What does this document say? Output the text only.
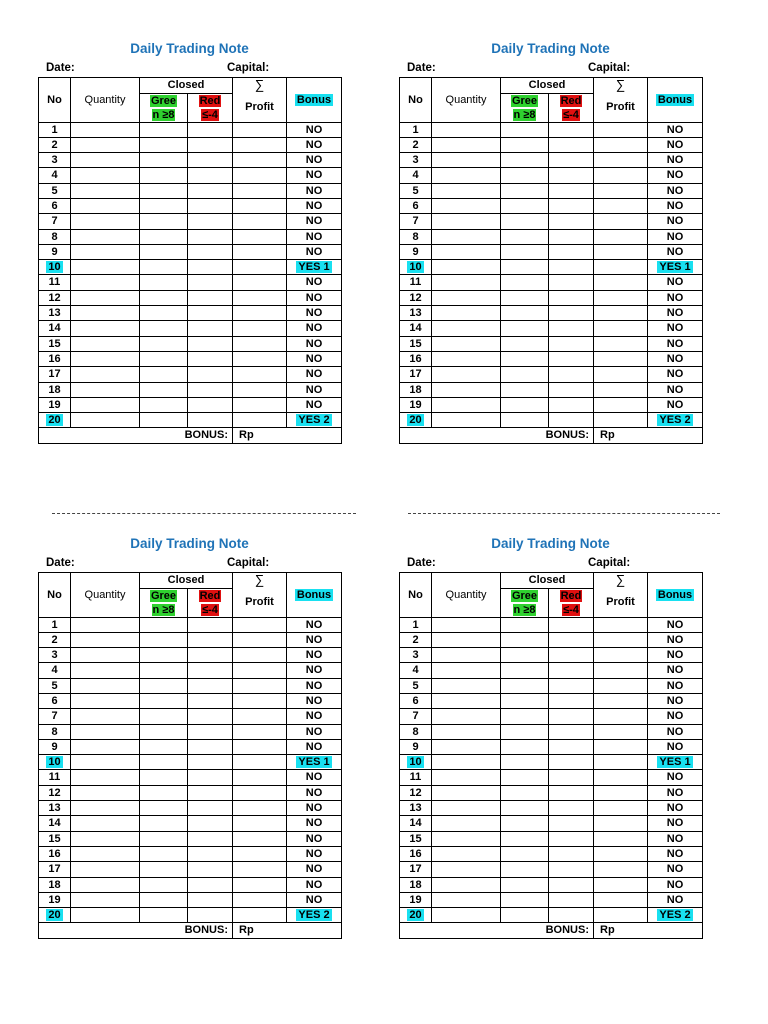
Daily Trading Note
Date:	Capital:
No	Quantity	Closed		∑	Bonus
		Gree	Red	Profit	
		n ≥8	≤-4		
1					NO
2					NO
3					NO
4					NO
5					NO
6					NO
7					NO
8					NO
9					NO
10					YES 1
11					NO
12					NO
13					NO
14					NO
15					NO
16					NO
17					NO
18					NO
19					NO
20					YES 2
BONUS:				Rp	
Daily Trading Note
Date:	Capital:
No	Quantity	Closed		∑	Bonus
		Gree	Red	Profit	
		n ≥8	≤-4		
1					NO
2					NO
3					NO
4					NO
5					NO
6					NO
7					NO
8					NO
9					NO
10					YES 1
11					NO
12					NO
13					NO
14					NO
15					NO
16					NO
17					NO
18					NO
19					NO
20					YES 2
BONUS:				Rp	
Daily Trading Note
Date:	Capital:
No	Quantity	Closed		∑	Bonus
		Gree	Red	Profit	
		n ≥8	≤-4		
1					NO
2					NO
3					NO
4					NO
5					NO
6					NO
7					NO
8					NO
9					NO
10					YES 1
11					NO
12					NO
13					NO
14					NO
15					NO
16					NO
17					NO
18					NO
19					NO
20					YES 2
BONUS:				Rp	
Daily Trading Note
Date:	Capital:
No	Quantity	Closed		∑	Bonus
		Gree	Red	Profit	
		n ≥8	≤-4		
1					NO
2					NO
3					NO
4					NO
5					NO
6					NO
7					NO
8					NO
9					NO
10					YES 1
11					NO
12					NO
13					NO
14					NO
15					NO
16					NO
17					NO
18					NO
19					NO
20					YES 2
BONUS:				Rp	
